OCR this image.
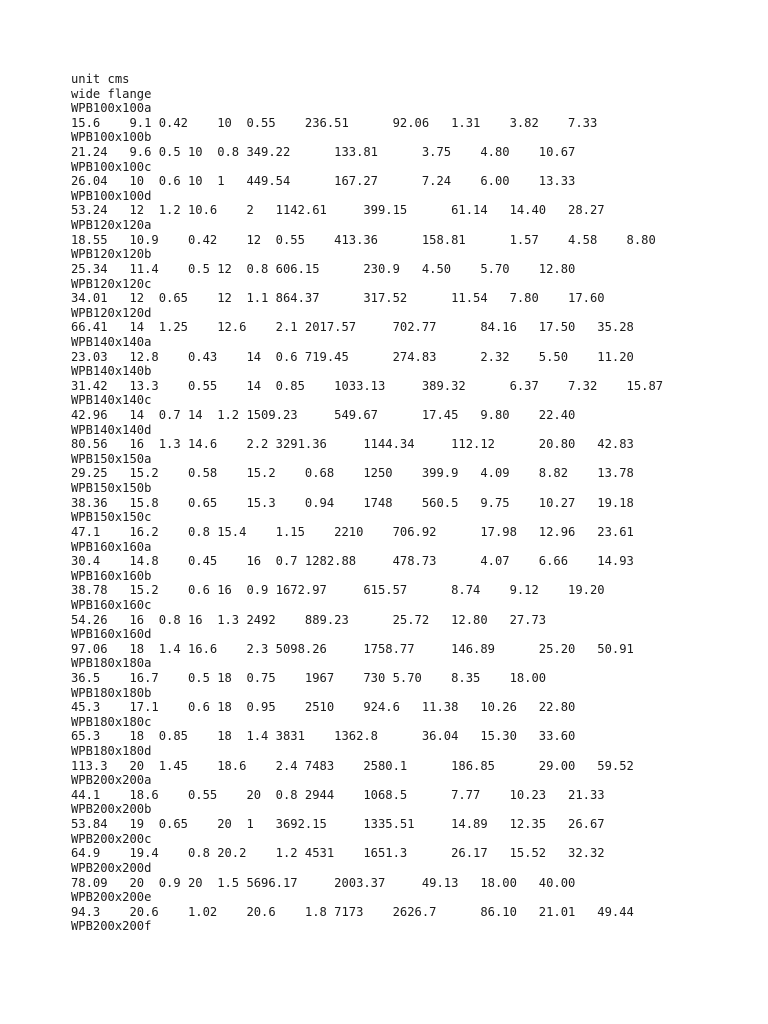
unit cms
wide flange
WPB100x100a
15.6	9.1	0.42	10	0.55	236.51		92.06	1.31	3.82	7.33
WPB100x100b
21.24	9.6	0.5	10	0.8	349.22		133.81		3.75	4.80	10.67
WPB100x100c
26.04	10	0.6	10	1	449.54		167.27		7.24	6.00	13.33
WPB100x100d
53.24	12	1.2	10.6	2	1142.61		399.15		61.14	14.40	28.27
WPB120x120a
18.55	10.9	0.42	12	0.55	413.36		158.81		1.57	4.58	8.80
WPB120x120b
25.34	11.4	0.5	12	0.8	606.15		230.9	4.50	5.70	12.80
WPB120x120c
34.01	12	0.65	12	1.1	864.37		317.52		11.54	7.80	17.60
WPB120x120d
66.41	14	1.25	12.6	2.1	2017.57		702.77		84.16	17.50	35.28
WPB140x140a
23.03	12.8	0.43	14	0.6	719.45		274.83		2.32	5.50	11.20
WPB140x140b
31.42	13.3	0.55	14	0.85	1033.13		389.32		6.37	7.32	15.87
WPB140x140c
42.96	14	0.7	14	1.2	1509.23		549.67		17.45	9.80	22.40
WPB140x140d
80.56	16	1.3	14.6	2.2	3291.36		1144.34		112.12		20.80	42.83
WPB150x150a
29.25	15.2	0.58	15.2	0.68	1250	399.9	4.09	8.82	13.78
WPB150x150b
38.36	15.8	0.65	15.3	0.94	1748	560.5	9.75	10.27	19.18
WPB150x150c
47.1	16.2	0.8	15.4	1.15	2210	706.92		17.98	12.96	23.61
WPB160x160a
30.4	14.8	0.45	16	0.7	1282.88		478.73		4.07	6.66	14.93
WPB160x160b
38.78	15.2	0.6	16	0.9	1672.97		615.57		8.74	9.12	19.20
WPB160x160c
54.26	16	0.8	16	1.3	2492	889.23		25.72	12.80	27.73
WPB160x160d
97.06	18	1.4	16.6	2.3	5098.26		1758.77		146.89		25.20	50.91
WPB180x180a
36.5	16.7	0.5	18	0.75	1967	730	5.70	8.35	18.00
WPB180x180b
45.3	17.1	0.6	18	0.95	2510	924.6	11.38	10.26	22.80
WPB180x180c
65.3	18	0.85	18	1.4	3831	1362.8		36.04	15.30	33.60
WPB180x180d
113.3	20	1.45	18.6	2.4	7483	2580.1		186.85		29.00	59.52
WPB200x200a
44.1	18.6	0.55	20	0.8	2944	1068.5		7.77	10.23	21.33
WPB200x200b
53.84	19	0.65	20	1	3692.15		1335.51		14.89	12.35	26.67
WPB200x200c
64.9	19.4	0.8	20.2	1.2	4531	1651.3		26.17	15.52	32.32
WPB200x200d
78.09	20	0.9	20	1.5	5696.17		2003.37		49.13	18.00	40.00
WPB200x200e
94.3	20.6	1.02	20.6	1.8	7173	2626.7		86.10	21.01	49.44
WPB200x200f
